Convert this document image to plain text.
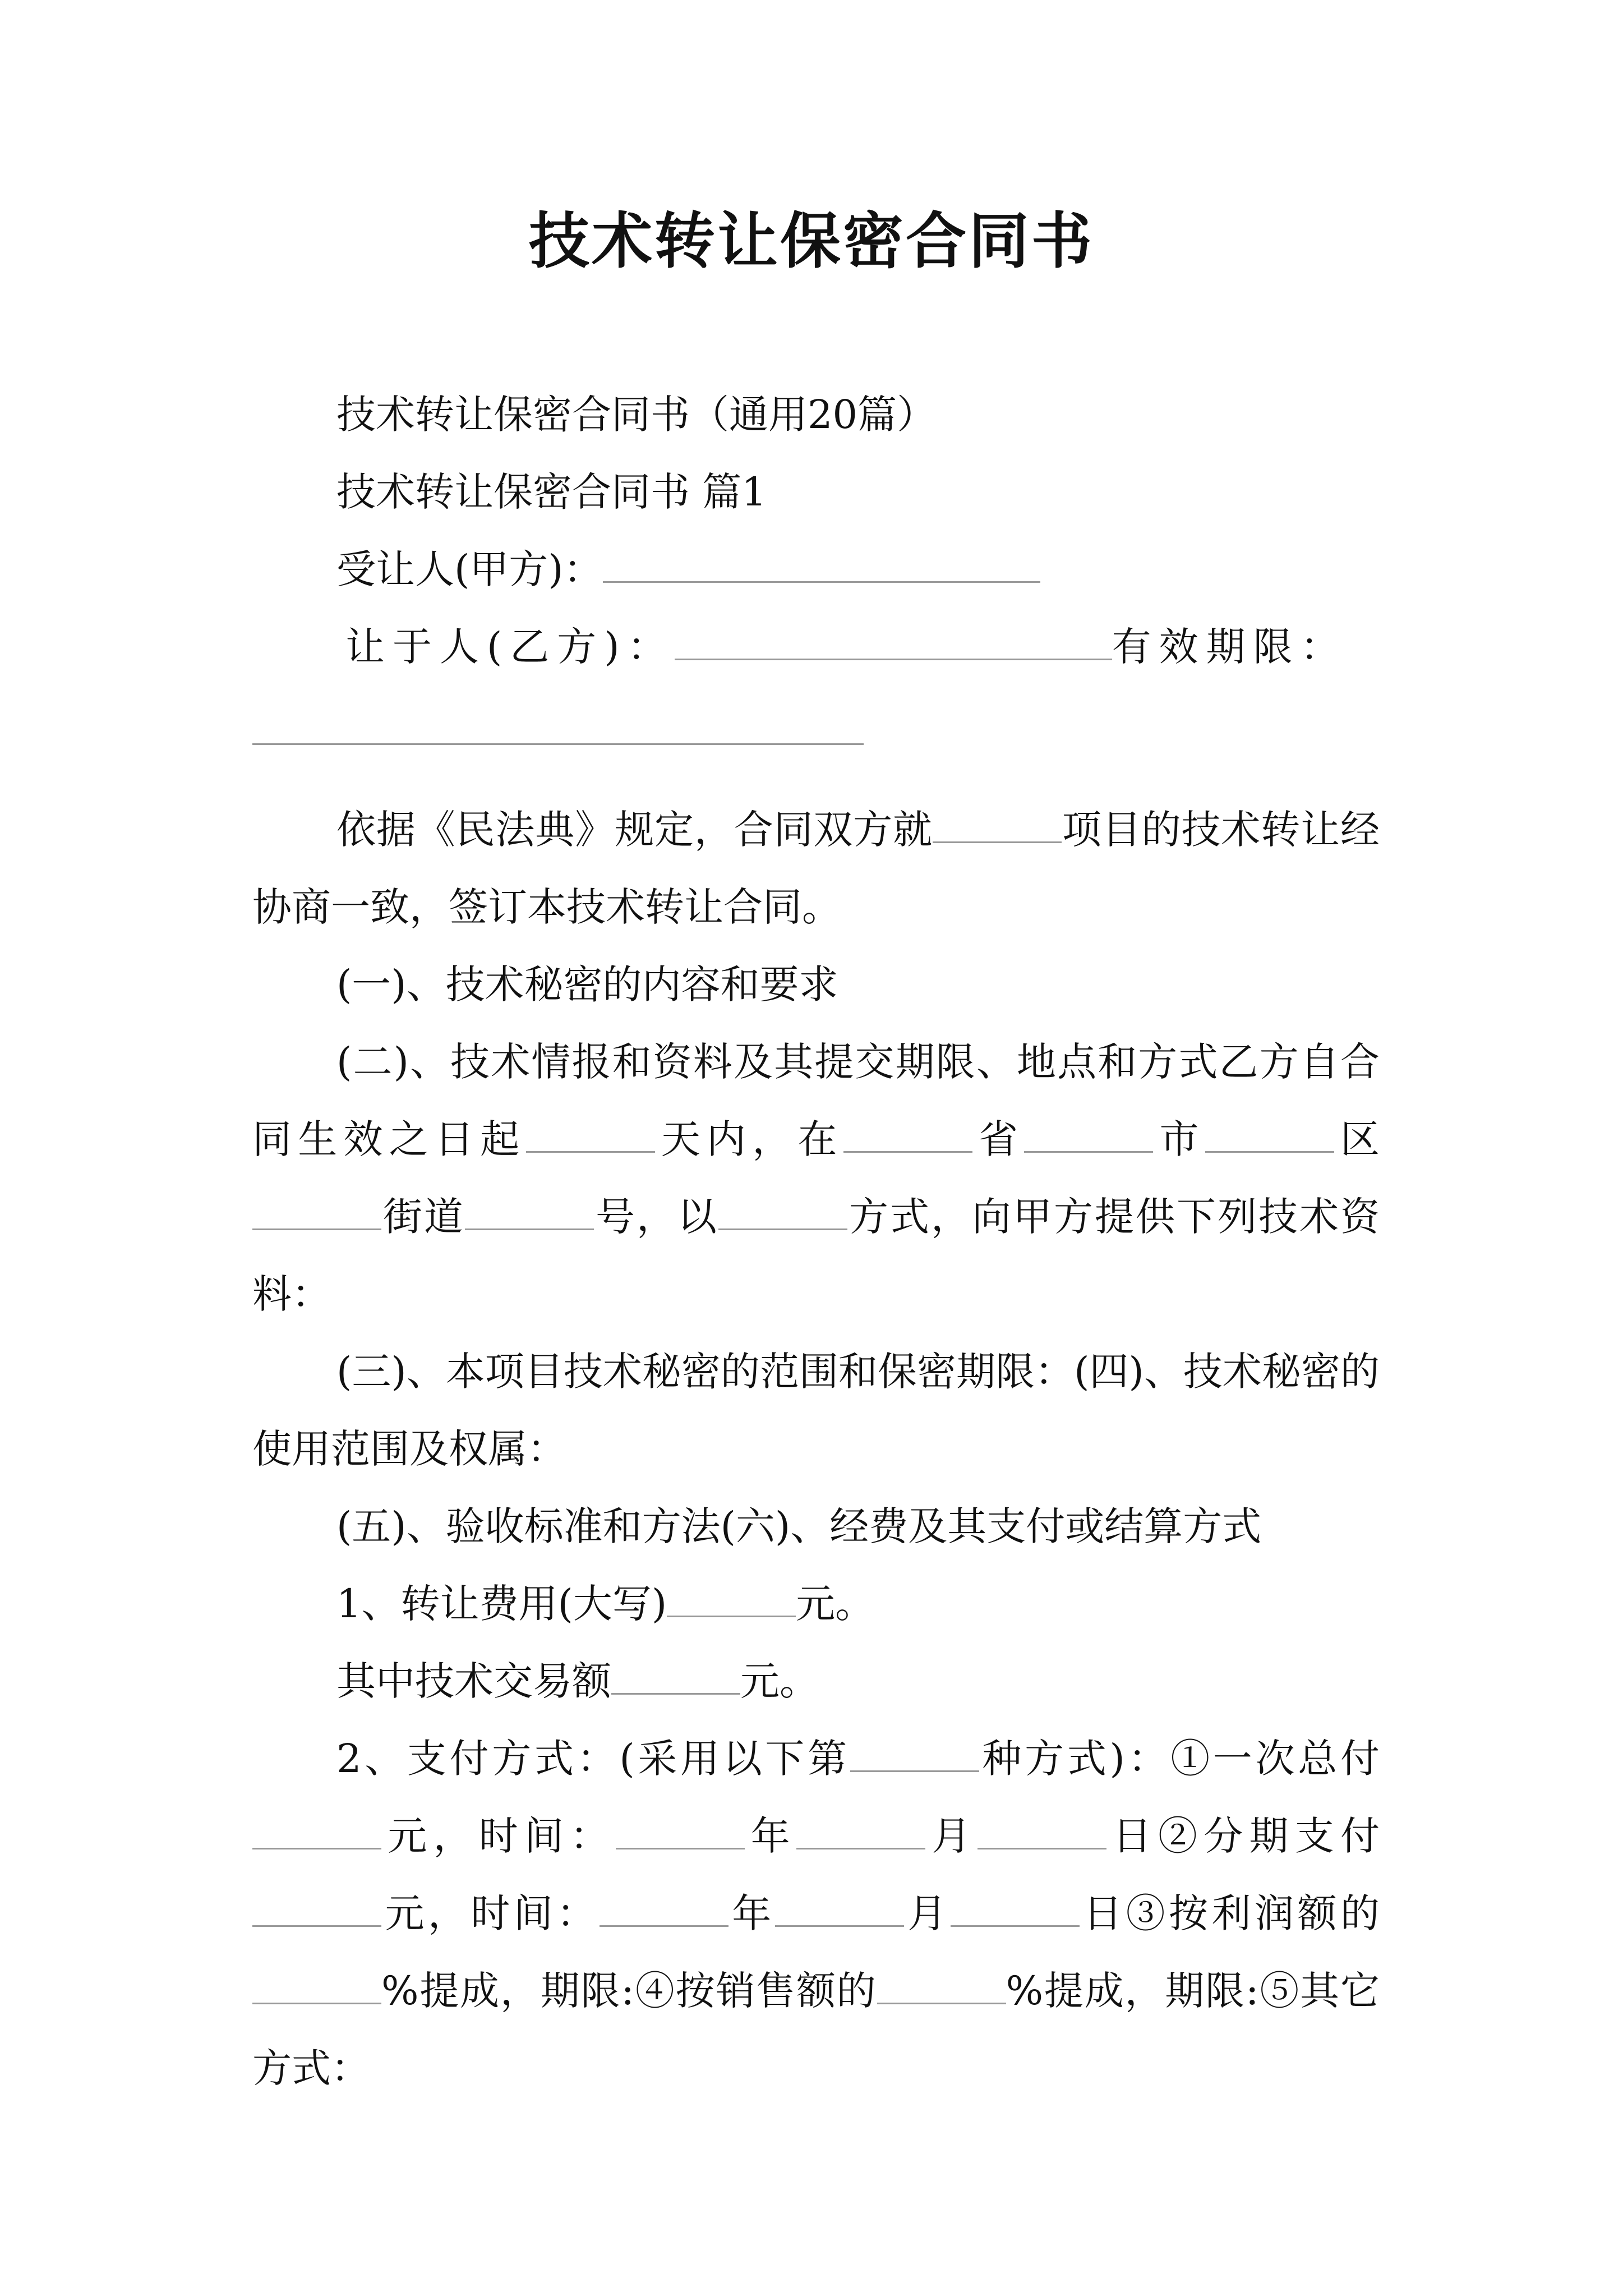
技术转让保密合同书

技术转让保密合同书（通用20篇）

技术转让保密合同书 篇1

受让人(甲方)：

让于人(乙方)：	有效期限：

依据《民法典》规定，合同双方就	项目的技术转让经协商一致，签订本技术转让合同。

(一)、技术秘密的内容和要求

(二)、技术情报和资料及其提交期限、地点和方式乙方自合同生效之日起	天内，在	省	市	区街道	号，以	方式，向甲方提供下列技术资料：

(三)、本项目技术秘密的范围和保密期限：(四)、技术秘密的使用范围及权属：

(五)、验收标准和方法(六)、经费及其支付或结算方式

1、转让费用(大写)	元。

其中技术交易额	元。

2、支付方式：(采用以下第	种方式)：①一次总付元，时间：	年	月	日②分期支付元，时间：	年	月	日③按利润额的%提成，期限:④按销售额的	%提成，期限:⑤其它方式：
